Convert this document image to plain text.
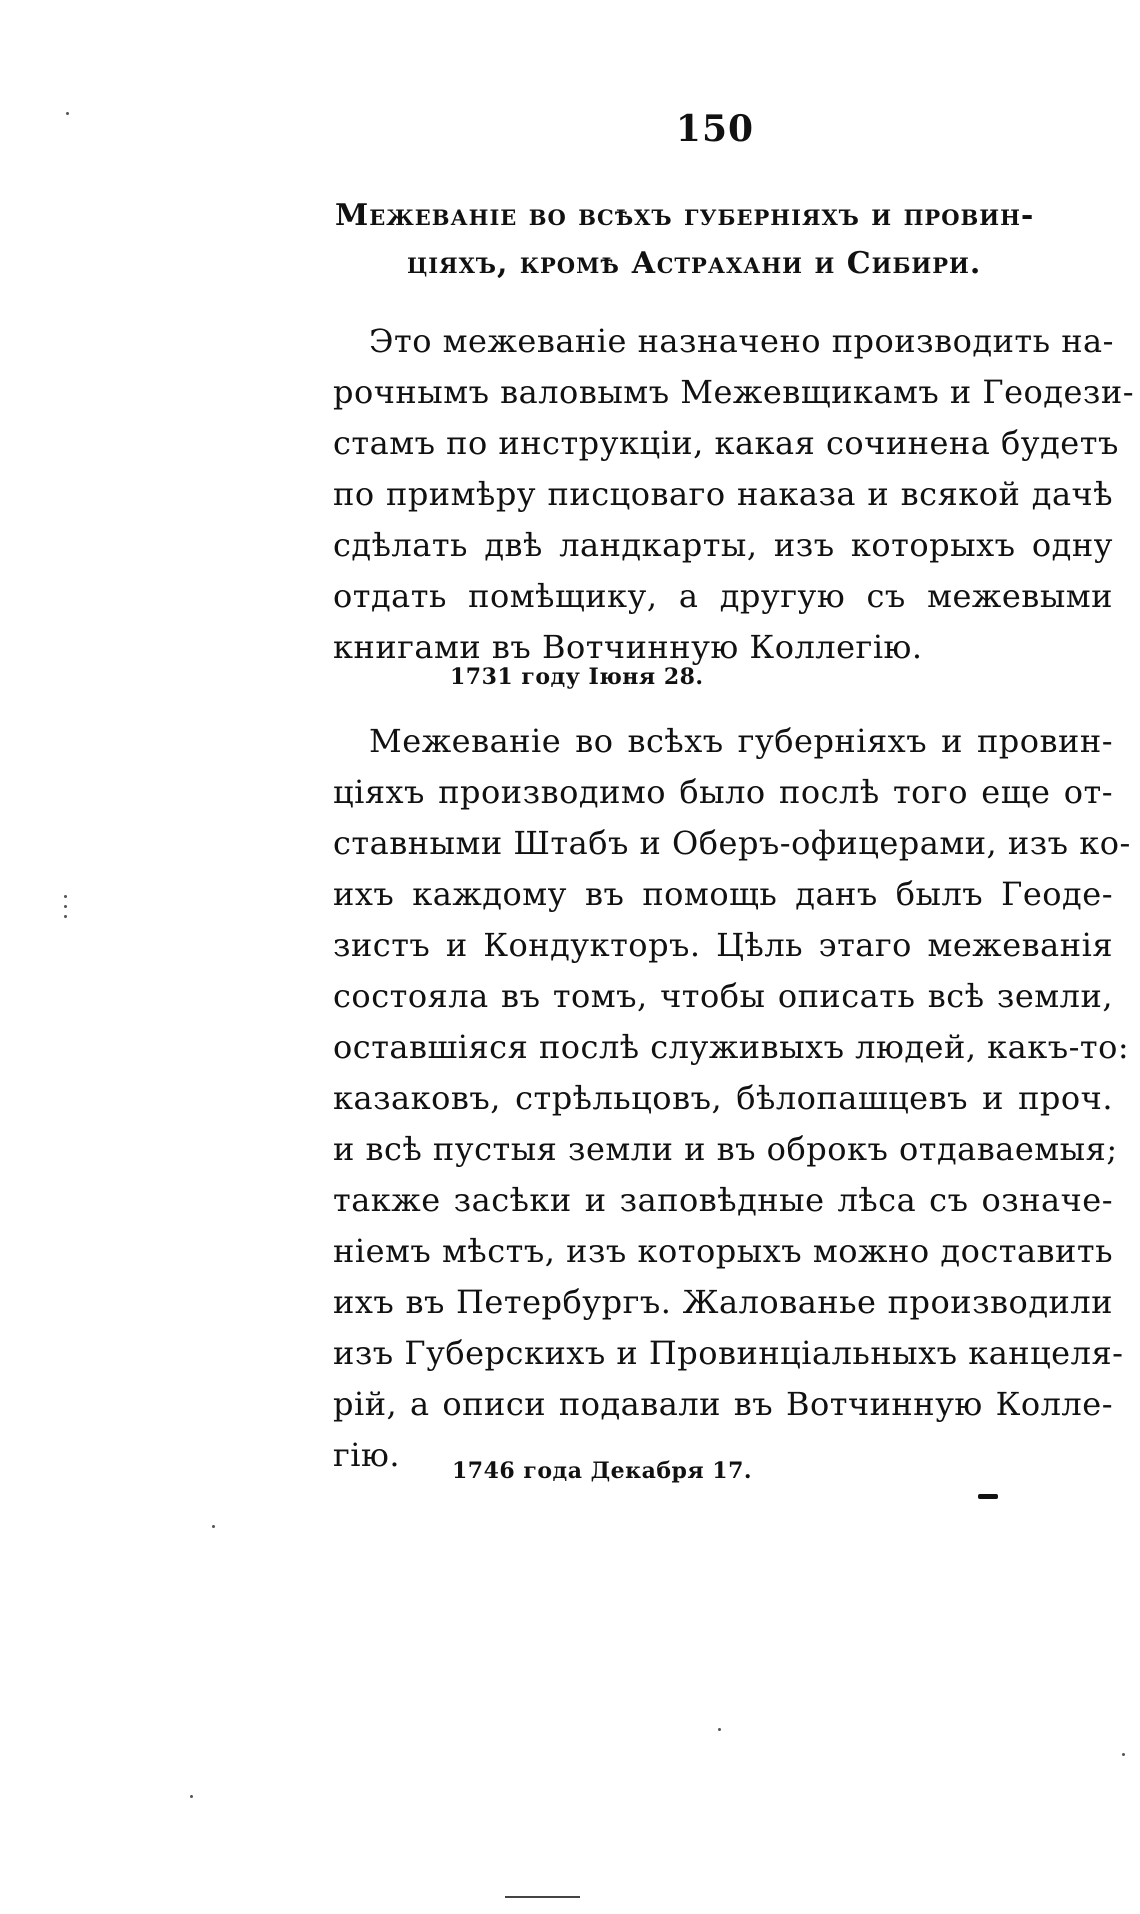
150
Межеванiе во всѣхъ губернiяхъ и провин-
цiяхъ, кромѣ Астрахани и Сибири.
Это межеванiе назначено производить на-
рочнымъ валовымъ Межевщикамъ и Геодези-
стамъ по инструкцiи, какая сочинена будетъ
по примѣру писцоваго наказа и всякой дачѣ
сдѣлать двѣ ландкарты, изъ которыхъ одну
отдать помѣщику, а другую съ межевыми
книгами въ Вотчинную Коллегiю.
1731 году Iюня 28.
Межеванiе во всѣхъ губернiяхъ и провин-
цiяхъ производимо было послѣ того еще от-
ставными Штабъ и Оберъ-офицерами, изъ ко-
ихъ каждому въ помощь данъ былъ Геоде-
зистъ и Кондукторъ. Цѣль этаго межеванiя
состояла въ томъ, чтобы описать всѣ земли,
оставшiяся послѣ служивыхъ людей, какъ-то:
казаковъ, стрѣльцовъ, бѣлопашцевъ и проч.
и всѣ пустыя земли и въ оброкъ отдаваемыя;
также засѣки и заповѣдные лѣса съ означе-
нiемъ мѣстъ, изъ которыхъ можно доставить
ихъ въ Петербургъ. Жалованье производили
изъ Губерскихъ и Провинцiальныхъ канцеля-
рiй, а описи подавали въ Вотчинную Колле-
гiю.	1746 года Декабря 17.
